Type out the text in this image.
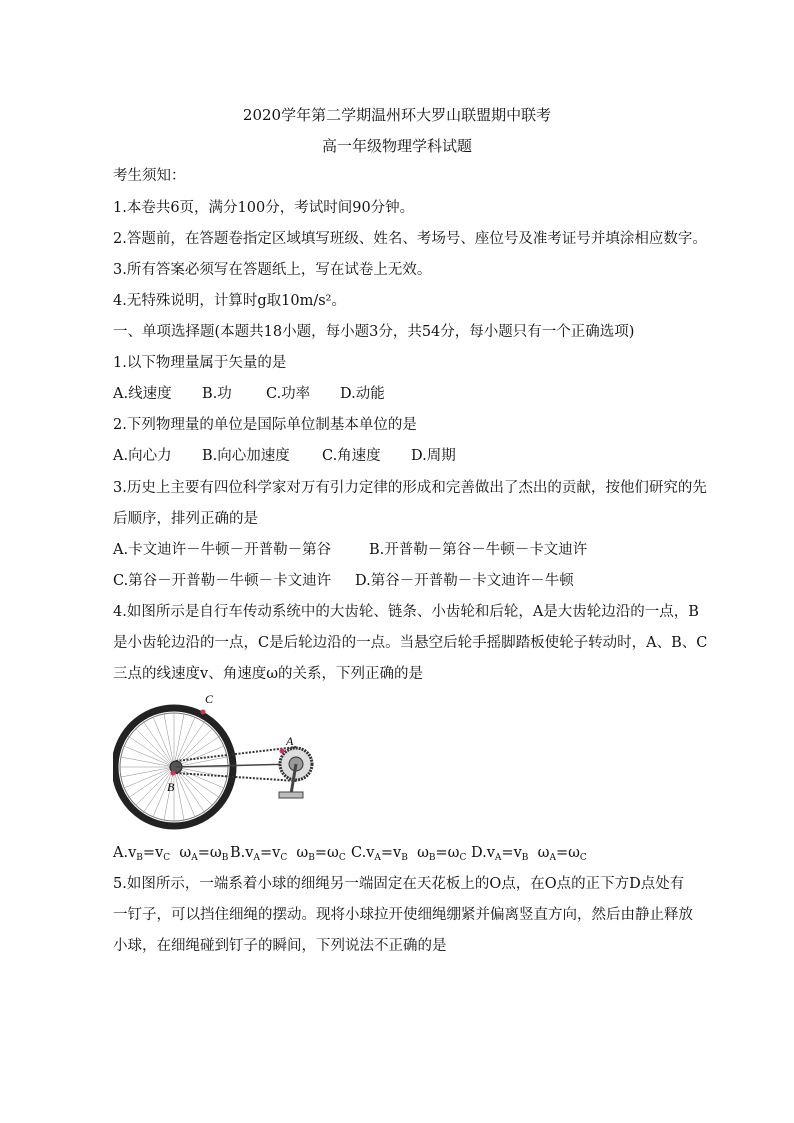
2020学年第二学期温州环大罗山联盟期中联考
高一年级物理学科试题
考生须知：
1.本卷共6页，满分100分，考试时间90分钟。
2.答题前，在答题卷指定区域填写班级、姓名、考场号、座位号及准考证号并填涂相应数字。
3.所有答案必须写在答题纸上，写在试卷上无效。
4.无特殊说明，计算时g取10m/s²。
一、单项选择题(本题共18小题，每小题3分，共54分，每小题只有一个正确选项)
1.以下物理量属于矢量的是
A.线速度 B.功 C.功率 D.动能
2.下列物理量的单位是国际单位制基本单位的是
A.向心力 B.向心加速度 C.角速度 D.周期
3.历史上主要有四位科学家对万有引力定律的形成和完善做出了杰出的贡献，按他们研究的先
后顺序，排列正确的是
A.卡文迪许－牛顿－开普勒－第谷	B.开普勒－第谷－牛顿－卡文迪许
C.第谷－开普勒－牛顿－卡文迪许 D.第谷－开普勒－卡文迪许－牛顿
4.如图所示是自行车传动系统中的大齿轮、链条、小齿轮和后轮，A是大齿轮边沿的一点，B
是小齿轮边沿的一点，C是后轮边沿的一点。当悬空后轮手摇脚踏板使轮子转动时，A、B、C
三点的线速度v、角速度ω的关系，下列正确的是
C
A
B
$A.v_B=v_C$ $\omega_A=\omega_B$ $B.v_A=v_C$ $\omega_B=\omega_C$ $C.v_A=v_B$ $\omega_B=\omega_C$ $D.v_A=v_B$ $\omega_A=\omega_C$
5.如图所示，一端系着小球的细绳另一端固定在天花板上的O点，在O点的正下方D点处有
一钉子，可以挡住细绳的摆动。现将小球拉开使细绳绷紧并偏离竖直方向，然后由静止释放
小球，在细绳碰到钉子的瞬间，下列说法不正确的是
